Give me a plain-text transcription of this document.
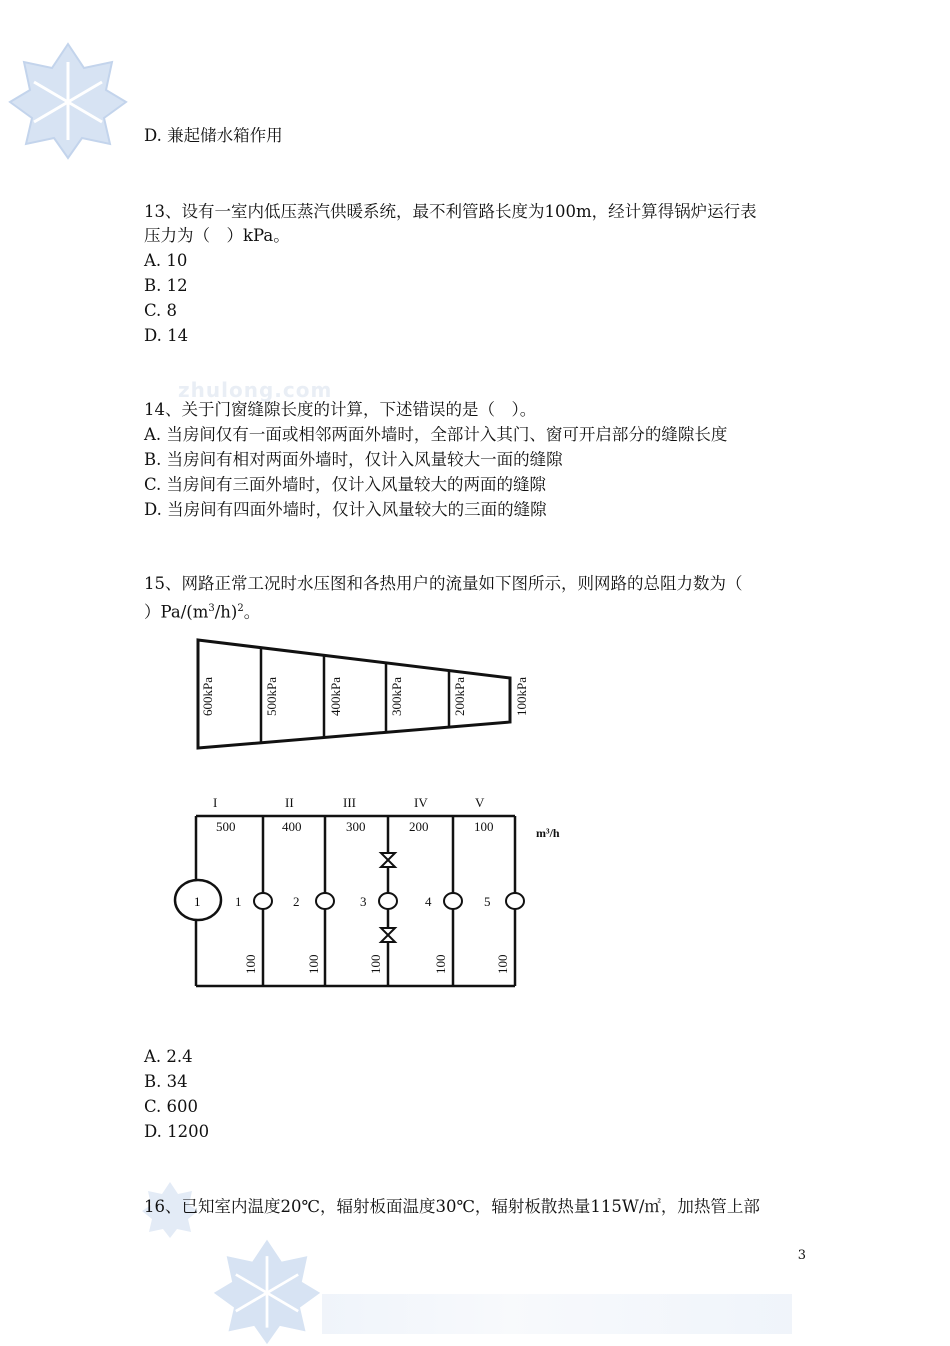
zhulong.com
D. 兼起储水箱作用
13、设有一室内低压蒸汽供暖系统，最不利管路长度为100m，经计算得锅炉运行表
压力为（　）kPa。
A. 10
B. 12
C. 8
D. 14
14、关于门窗缝隙长度的计算，下述错误的是（　）。
A. 当房间仅有一面或相邻两面外墙时，全部计入其门、窗可开启部分的缝隙长度
B. 当房间有相对两面外墙时，仅计入风量较大一面的缝隙
C. 当房间有三面外墙时，仅计入风量较大的两面的缝隙
D. 当房间有四面外墙时，仅计入风量较大的三面的缝隙
15、网路正常工况时水压图和各热用户的流量如下图所示，则网路的总阻力数为（
）$Pa/(m^3/h)^2$。
600kPa	500kPa	400kPa	300kPa	200kPa	100kPa
I	II	III	IV	V
500	400	300	200	100	m³/h
1	1	2	3	4	5
100	100	100	100	100
A. 2.4
B. 34
C. 600
D. 1200
16、已知室内温度20℃，辐射板面温度30℃，辐射板散热量115W/㎡，加热管上部
3
